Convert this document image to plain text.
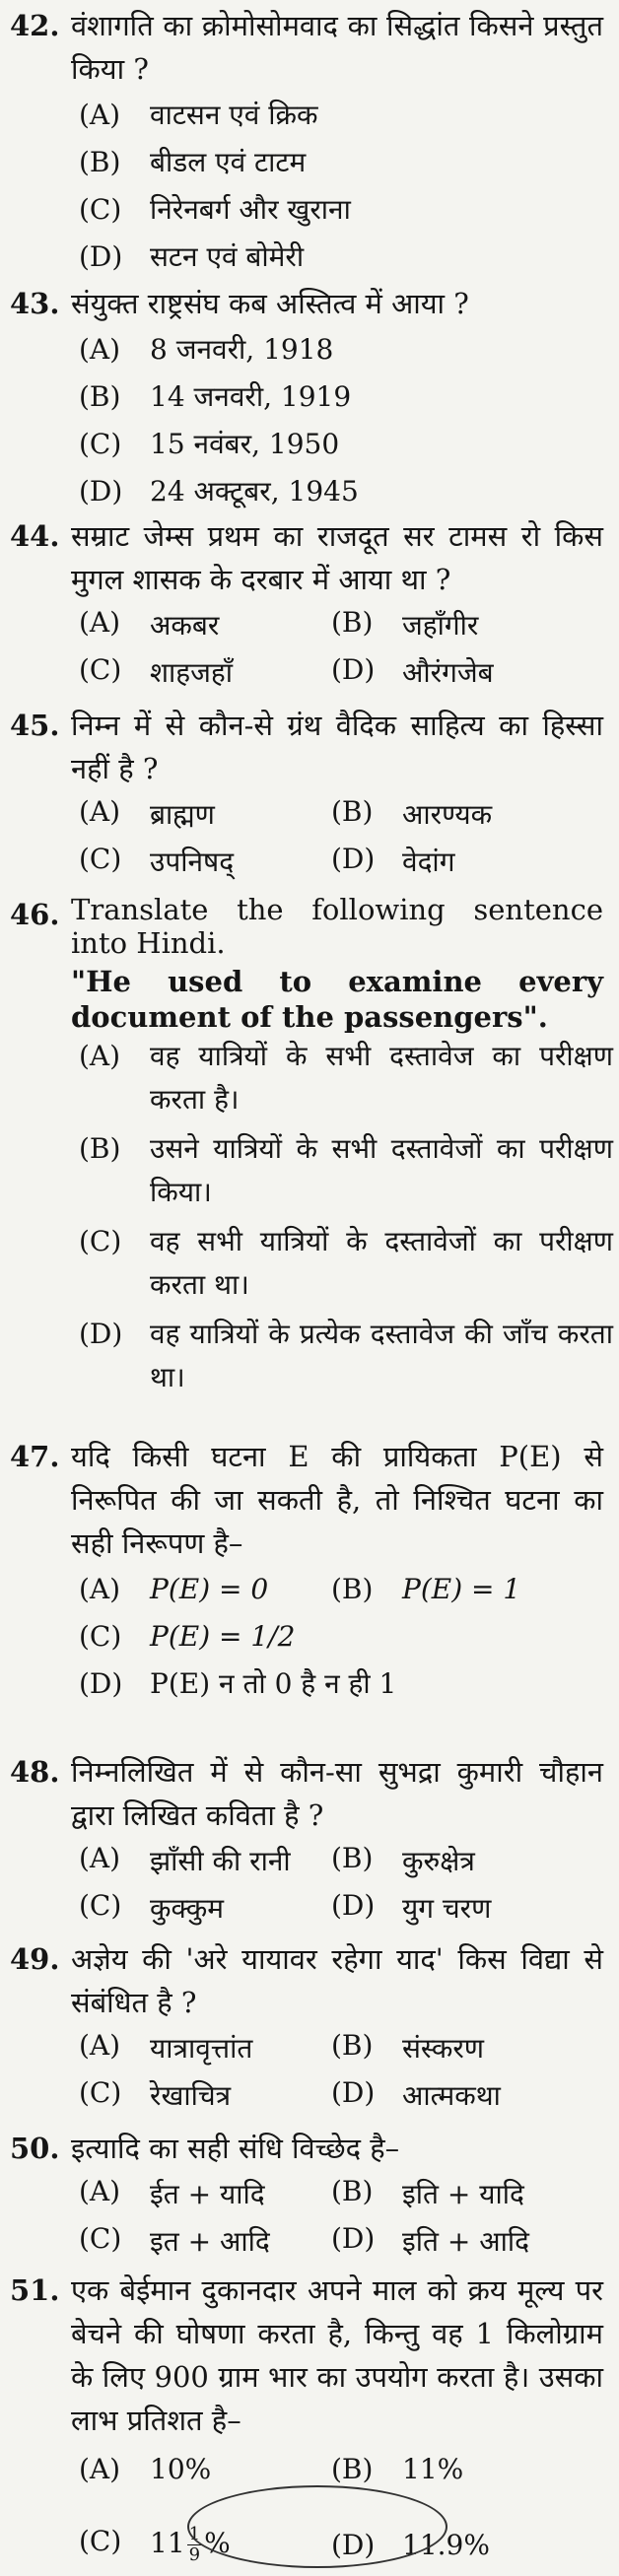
42. वंशागति का क्रोमोसोमवाद का सिद्धांत किसने प्रस्तुत किया ?
(A)	वाटसन एवं क्रिक
(B)	बीडल एवं टाटम
(C)	निरेनबर्ग और खुराना
(D) सटन एवं बोमेरी
43. संयुक्त राष्ट्रसंघ कब अस्तित्व में आया ?
(A)	8 जनवरी, 1918
(B)	14 जनवरी, 1919
(C)	15 नवंबर, 1950
(D) 24 अक्टूबर, 1945
44. सम्राट जेम्स प्रथम का राजदूत सर टामस रो किस मुगल शासक के दरबार में आया था ?
(A)	अकबर	(B)	जहाँगीर
(C)	शाहजहाँ	(D) औरंगजेब
45. निम्न में से कौन-से ग्रंथ वैदिक साहित्य का हिस्सा नहीं है ?
(A)	ब्राह्मण	(B)	आरण्यक
(C)	उपनिषद्	(D) वेदांग
46. Translate the following sentence into Hindi.
"He used to examine every document of the passengers".
(A)	वह यात्रियों के सभी दस्तावेज का परीक्षण करता है।
(B)	उसने यात्रियों के सभी दस्तावेजों का परीक्षण किया।
(C)	वह सभी यात्रियों के दस्तावेजों का परीक्षण करता था।
(D) वह यात्रियों के प्रत्येक दस्तावेज की जाँच करता था।
47. यदि किसी घटना E की प्रायिकता P(E) से निरूपित की जा सकती है, तो निश्चित घटना का सही निरूपण है–
(A)	P(E) = 0 (B)	P(E) = 1
(C)	P(E) = 1/2
(D) P(E) न तो 0 है न ही 1
48. निम्नलिखित में से कौन-सा सुभद्रा कुमारी चौहान द्वारा लिखित कविता है ?
(A)	झाँसी की रानी (B)	कुरुक्षेत्र
(C)	कुक्कुम	(D) युग चरण
49. अज्ञेय की 'अरे यायावर रहेगा याद' किस विद्या से संबंधित है ?
(A)	यात्रावृत्तांत	(B)	संस्करण
(C)	रेखाचित्र	(D) आत्मकथा
50. इत्यादि का सही संधि विच्छेद है–
(A)	ईत + यादि (B)	इति + यादि
(C)	इत + आदि (D) इति + आदि
51. एक बेईमान दुकानदार अपने माल को क्रय मूल्य पर बेचने की घोषणा करता है, किन्तु वह 1 किलोग्राम के लिए 900 ग्राम भार का उपयोग करता है। उसका लाभ प्रतिशत है–
(A)	10%	(B)	11%
(C)	$11 \frac{1}{9}$ %	(D) 11.9%
